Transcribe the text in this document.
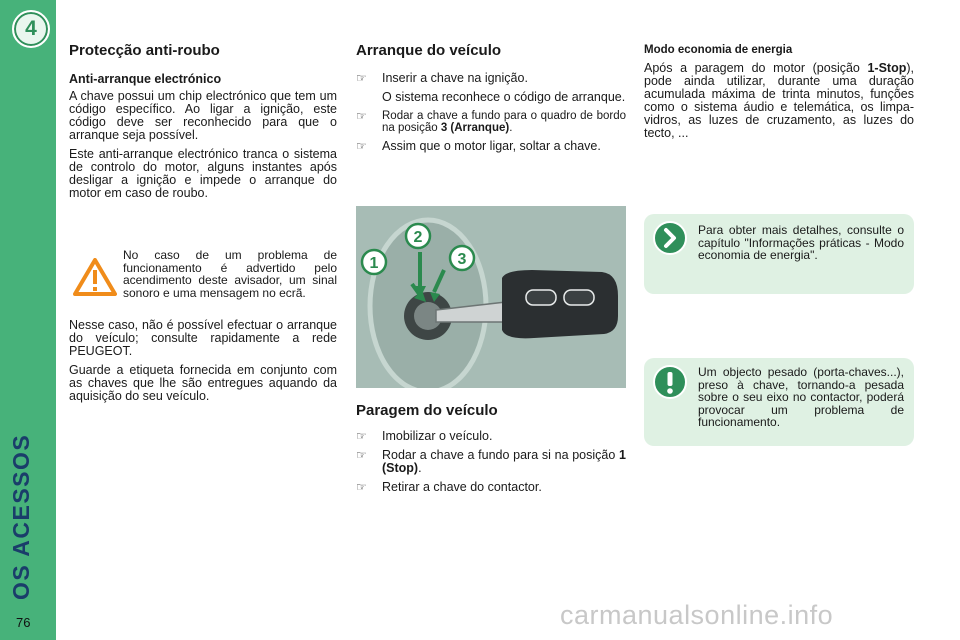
4
OS ACESSOS
76
Protecção anti-roubo
Anti-arranque electrónico

A chave possui um chip electrónico que tem um código específico. Ao ligar a ignição, este código deve ser reconhecido para que o arranque seja possível.

Este anti-arranque electrónico tranca o sistema de controlo do motor, alguns instantes após desligar a ignição e impede o arranque do motor em caso de roubo.

No caso de um problema de funcionamento é advertido pelo acendimento deste avisador, um sinal sonoro e uma mensagem no ecrã.

Nesse caso, não é possível efectuar o arranque do veículo; consulte rapidamente a rede PEUGEOT.

Guarde a etiqueta fornecida em conjunto com as chaves que lhe são entregues aquando da aquisição do seu veículo.

Arranque do veículo
☞ Inserir a chave na ignição.
O sistema reconhece o código de arranque.
☞ Rodar a chave a fundo para o quadro de bordo na posição 3 (Arranque).
☞ Assim que o motor ligar, soltar a chave.
1
2
3
Paragem do veículo
☞ Imobilizar o veículo.
☞ Rodar a chave a fundo para si na posição 1 (Stop).
☞ Retirar a chave do contactor.
Modo economia de energia
Após a paragem do motor (posição 1-Stop), pode ainda utilizar, durante uma duração acumulada máxima de trinta minutos, funções como o sistema áudio e telemática, os limpa-vidros, as luzes de cruzamento, as luzes do tecto, ...
Para obter mais detalhes, consulte o capítulo "Informações práticas - Modo economia de energia".
Um objecto pesado (porta-chaves...), preso à chave, tornando-a pesada sobre o seu eixo no contactor, poderá provocar um problema de funcionamento.
carmanualsonline.info
